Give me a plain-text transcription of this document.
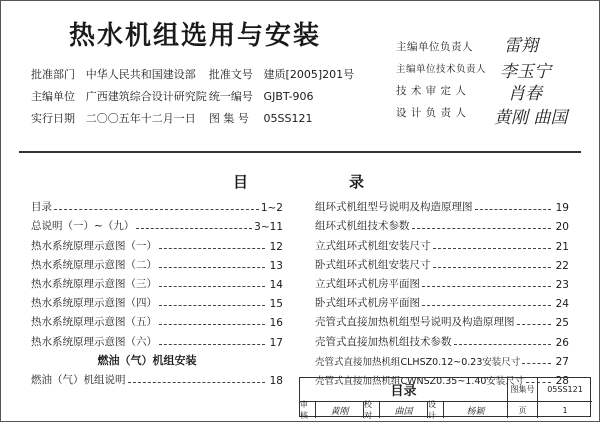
热水机组选用与安装
批准部门 中华人民共和国建设部	批准文号 建质[2005]201号
主编单位 广西建筑综合设计研究院 统一编号 GJBT-906
实行日期 二〇〇五年十二月一日	图 集 号	05SS121
主编单位负责人	雷翔
主编单位技术负责人 李玉宁
技 术 审 定 人	肖春
设 计 负 责 人	黄刚 曲国
目	录
目录	1~2
总说明（一）~（九）	3~11
热水系统原理示意图（一）	12
热水系统原理示意图（二）	13
热水系统原理示意图（三）	14
热水系统原理示意图（四）	15
热水系统原理示意图（五）	16
热水系统原理示意图（六）	17
燃油（气）机组安装
燃油（气）机组说明	18
组环式机组型号说明及构造原理图	19
组环式机组技术参数	20
立式组环式机组安装尺寸	21
卧式组环式机组安装尺寸	22
立式组环式机房平面图	23
卧式组环式机房平面图	24
壳管式直接加热机组型号说明及构造原理图	25
壳管式直接加热机组技术参数	26
壳管式直接加热机组CLHSZ0.12~0.23安装尺寸	27
壳管式直接加热机组CWNSZ0.35~1.40安装尺寸	28
目录	图集号	05SS121
审核	黄刚
校对	曲国
设计	杨颖	页	1
